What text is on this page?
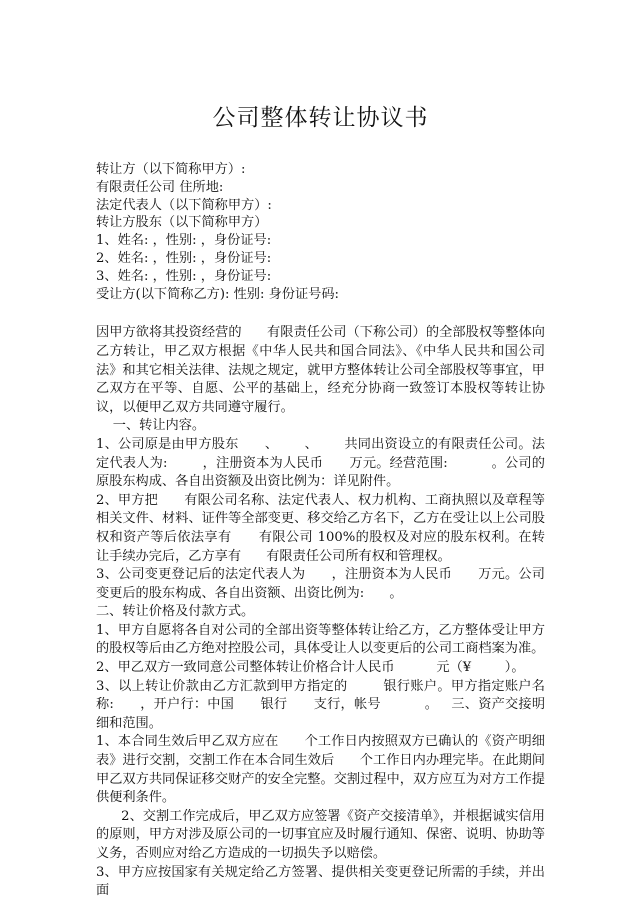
公司整体转让协议书
转让方（以下简称甲方）:
有限责任公司 住所地:
法定代表人（以下简称甲方）:
转让方股东（以下简称甲方）
1、姓名: ，性别: ，身份证号:
2、姓名: ，性别: ，身份证号:
3、姓名: ，性别: ，身份证号:
受让方(以下简称乙方): 性别: 身份证号码:
因甲方欲将其投资经营的      有限责任公司（下称公司）的全部股权等整体向乙方转让，甲乙双方根据《中华人民共和国合同法》、《中华人民共和国公司法》和其它相关法律、法规之规定，就甲方整体转让公司全部股权等事宜，甲乙双方在平等、自愿、公平的基础上，经充分协商一致签订本股权等转让协议，以便甲乙双方共同遵守履行。
一、转让内容。
1、公司原是由甲方股东      、      、      共同出资设立的有限责任公司。法定代表人为:        ，注册资本为人民币      万元。经营范围:          。公司的原股东构成、各自出资额及出资比例为：详见附件。
2、甲方把      有限公司名称、法定代表人、权力机构、工商执照以及章程等相关文件、材料、证件等全部变更、移交给乙方名下，乙方在受让以上公司股权和资产等后依法享有      有限公司 100%的股权及对应的股东权利。在转让手续办完后，乙方享有      有限责任公司所有权和管理权。
3、公司变更登记后的法定代表人为      ，注册资本为人民币      万元。公司变更后的股东构成、各自出资额、出资比例为:      。
二、转让价格及付款方式。
1、甲方自愿将各自对公司的全部出资等整体转让给乙方，乙方整体受让甲方的股权等后由乙方绝对控股公司，具体受让人以变更后的公司工商档案为准。
2、甲乙双方一致同意公司整体转让价格合计人民币          元（¥        ）。
3、以上转让价款由乙方汇款到甲方指定的        银行账户。甲方指定账户名称:      ，开户行：中国      银行      支行，帐号          。   三、资产交接明细和范围。
1、本合同生效后甲乙双方应在      个工作日内按照双方已确认的《资产明细表》进行交割，交割工作在本合同生效后      个工作日内办理完毕。在此期间甲乙双方共同保证移交财产的安全完整。交割过程中，双方应互为对方工作提供便利条件。
2、交割工作完成后，甲乙双方应签署《资产交接清单》，并根据诚实信用的原则，甲方对涉及原公司的一切事宜应及时履行通知、保密、说明、协助等义务，否则应对给乙方造成的一切损失予以赔偿。
3、甲方应按国家有关规定给乙方签署、提供相关变更登记所需的手续，并出面
